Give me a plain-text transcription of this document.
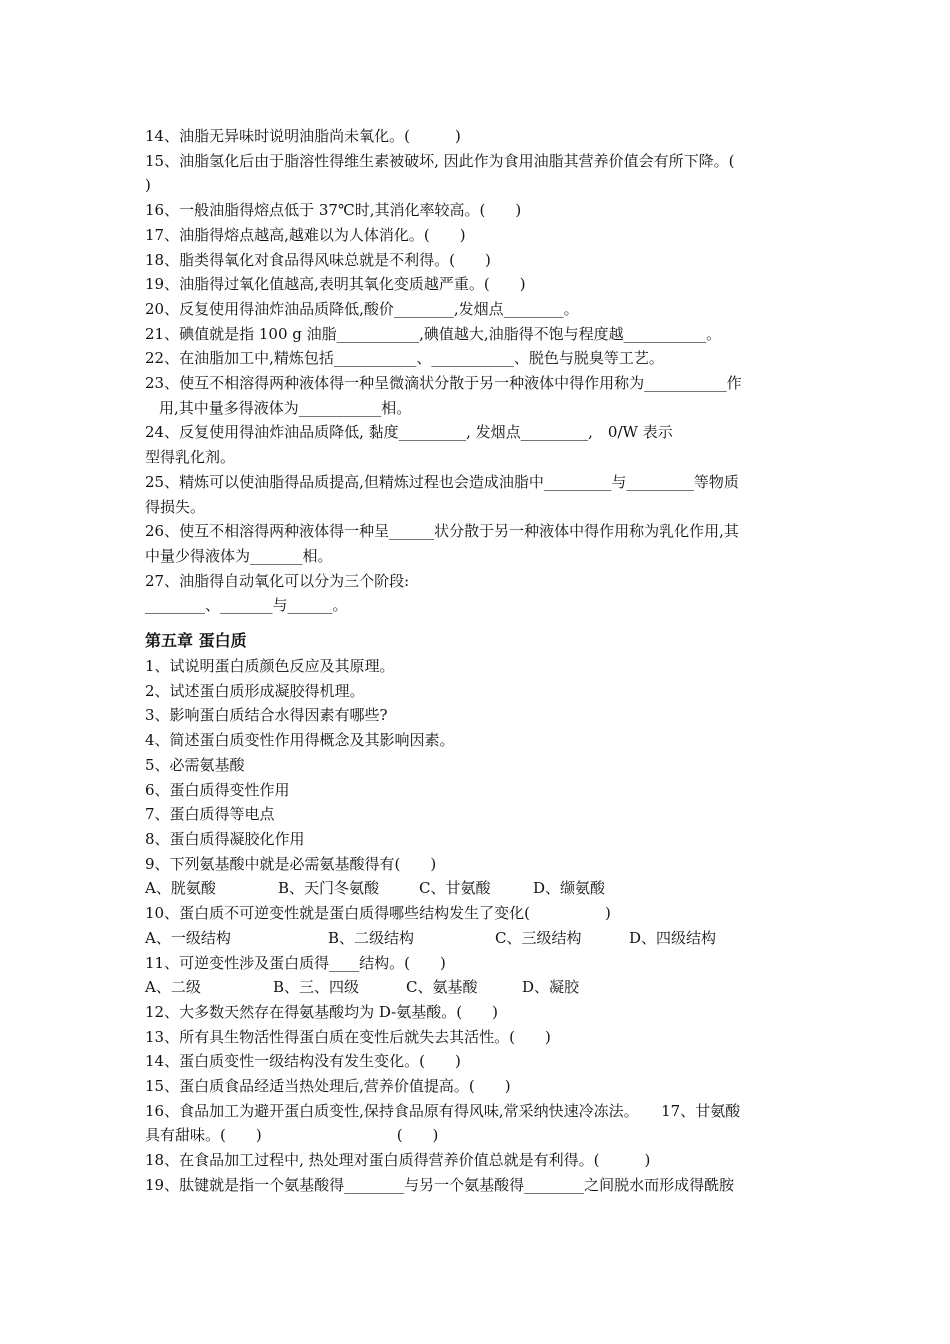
14、油脂无异味时说明油脂尚未氧化。(　　　)

15、油脂氢化后由于脂溶性得维生素被破坏, 因此作为食用油脂其营养价值会有所下降。(

)

16、一般油脂得熔点低于 37℃时,其消化率较高。(　　)

17、油脂得熔点越高,越难以为人体消化。(　　)

18、脂类得氧化对食品得风味总就是不利得。(　　)

19、油脂得过氧化值越高,表明其氧化变质越严重。(　　)

20、反复使用得油炸油品质降低,酸价________,发烟点________。

21、碘值就是指 100 g 油脂___________,碘值越大,油脂得不饱与程度越___________。

22、在油脂加工中,精炼包括___________、___________、脱色与脱臭等工艺。

23、使互不相溶得两种液体得一种呈微滴状分散于另一种液体中得作用称为___________作

用,其中量多得液体为___________相。

24、反复使用得油炸油品质降低, 黏度_________, 发烟点_________,　0/W 表示

型得乳化剂。

25、精炼可以使油脂得品质提高,但精炼过程也会造成油脂中_________与_________等物质

得损失。

26、使互不相溶得两种液体得一种呈______状分散于另一种液体中得作用称为乳化作用,其

中量少得液体为_______相。

27、油脂得自动氧化可以分为三个阶段:

________、_______与______。

第五章 蛋白质

1、试说明蛋白质颜色反应及其原理。

2、试述蛋白质形成凝胶得机理。

3、影响蛋白质结合水得因素有哪些?

4、简述蛋白质变性作用得概念及其影响因素。

5、必需氨基酸

6、蛋白质得变性作用

7、蛋白质得等电点

8、蛋白质得凝胶化作用

9、下列氨基酸中就是必需氨基酸得有(　　)

A、胱氨酸	B、天门冬氨酸	C、甘氨酸	D、缬氨酸

10、蛋白质不可逆变性就是蛋白质得哪些结构发生了变化(　　　　　)

A、一级结构	B、二级结构	C、三级结构	D、四级结构

11、可逆变性涉及蛋白质得____结构。(　　)

A、二级	B、三、四级	C、氨基酸	D、凝胶

12、大多数天然存在得氨基酸均为 D-氨基酸。(　　)

13、所有具生物活性得蛋白质在变性后就失去其活性。(　　)

14、蛋白质变性一级结构没有发生变化。(　　)

15、蛋白质食品经适当热处理后,营养价值提高。(　　)

16、食品加工为避开蛋白质变性,保持食品原有得风味,常采纳快速冷冻法。　　17、甘氨酸

具有甜味。(　　)　　　　　　　　　(　　)

18、在食品加工过程中, 热处理对蛋白质得营养价值总就是有利得。(　　　)

19、肽键就是指一个氨基酸得________与另一个氨基酸得________之间脱水而形成得酰胺
